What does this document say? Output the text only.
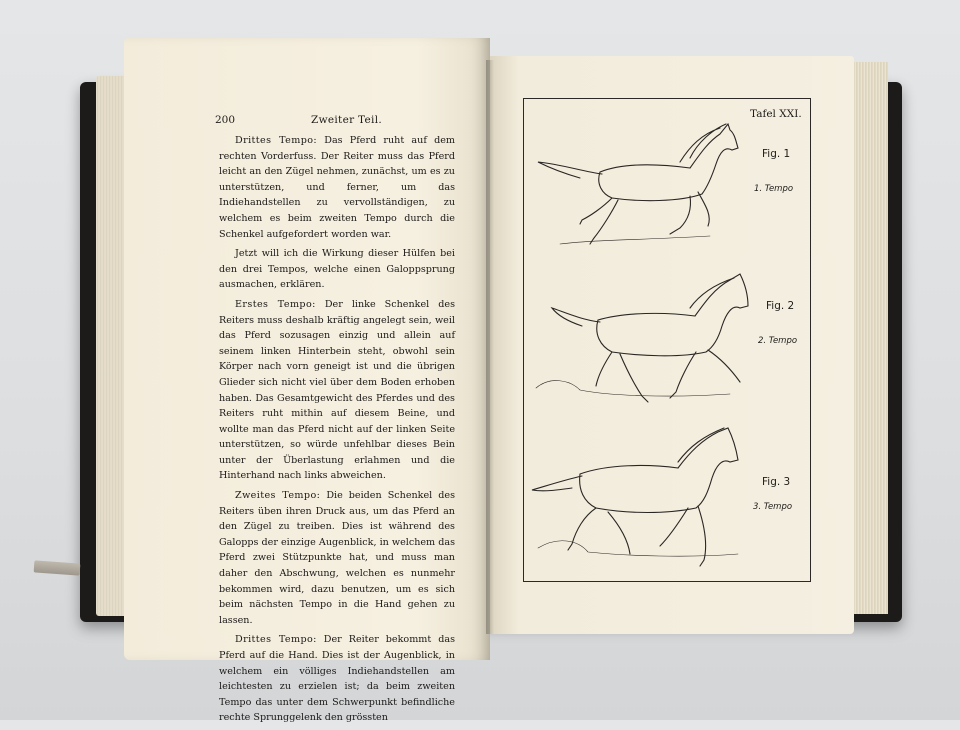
200	Zweiter Teil.

Drittes Tempo: Das Pferd ruht auf dem rechten Vorderfuss. Der Reiter muss das Pferd leicht an den Zügel nehmen, zunächst, um es zu unterstützen, und ferner, um das Indiehandstellen zu vervollständigen, zu welchem es beim zweiten Tempo durch die Schenkel aufgefordert worden war.

Jetzt will ich die Wirkung dieser Hülfen bei den drei Tempos, welche einen Galoppsprung ausmachen, erklären.

Erstes Tempo: Der linke Schenkel des Reiters muss deshalb kräftig angelegt sein, weil das Pferd sozusagen einzig und allein auf seinem linken Hinterbein steht, obwohl sein Körper nach vorn geneigt ist und die übrigen Glieder sich nicht viel über dem Boden erhoben haben. Das Gesamtgewicht des Pferdes und des Reiters ruht mithin auf diesem Beine, und wollte man das Pferd nicht auf der linken Seite unterstützen, so würde unfehlbar dieses Bein unter der Überlastung erlahmen und die Hinterhand nach links abweichen.

Zweites Tempo: Die beiden Schenkel des Reiters üben ihren Druck aus, um das Pferd an den Zügel zu treiben. Dies ist während des Galopps der einzige Augenblick, in welchem das Pferd zwei Stützpunkte hat, und muss man daher den Abschwung, welchen es nunmehr bekommen wird, dazu benutzen, um es sich beim nächsten Tempo in die Hand gehen zu lassen.

Drittes Tempo: Der Reiter bekommt das Pferd auf die Hand. Dies ist der Augenblick, in welchem ein völliges Indiehandstellen am leichtesten zu erzielen ist; da beim zweiten Tempo das unter dem Schwerpunkt befindliche rechte Sprunggelenk den grössten

Tafel XXI.
Fig. 1
1. Tempo
Fig. 2
2. Tempo
Fig. 3
3. Tempo
